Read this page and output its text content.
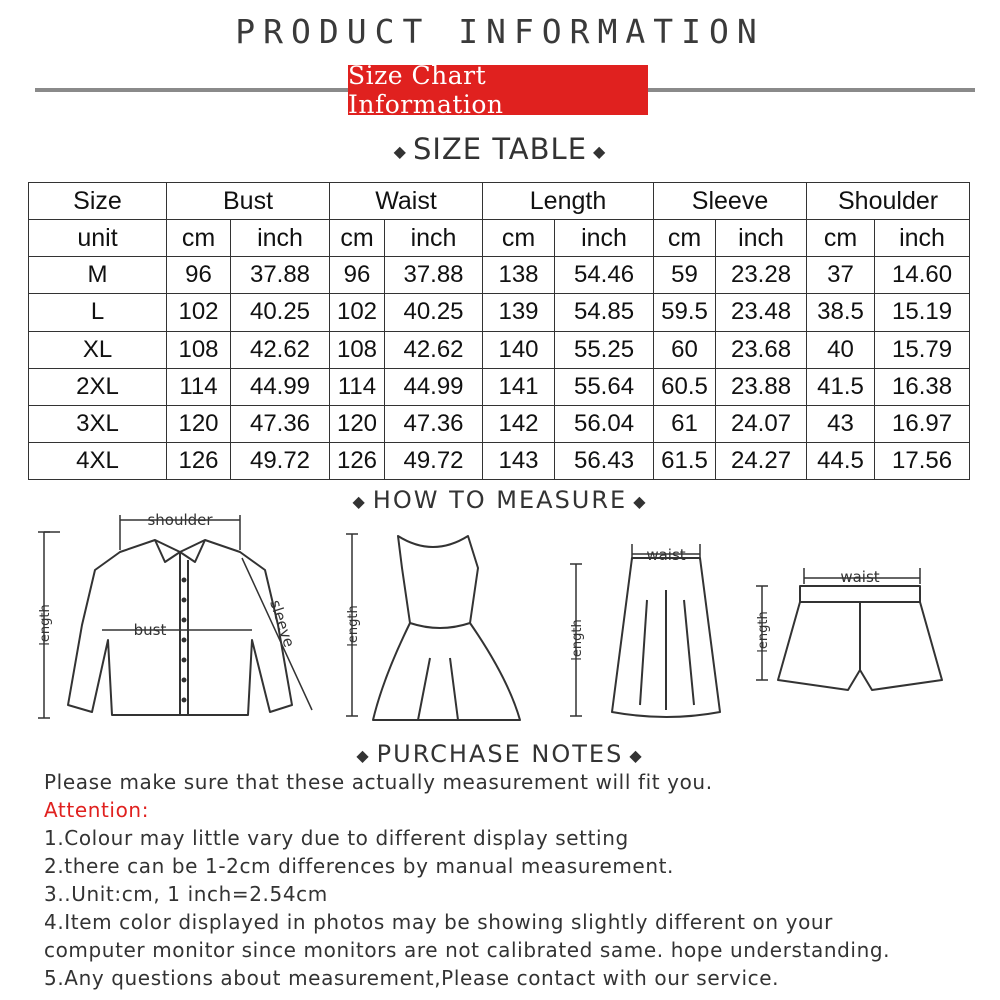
PRODUCT INFORMATION
Size Chart Information
◆ SIZE TABLE ◆
Size	Bust		Waist		Length		Sleeve		Shoulder	
unit	cm	inch	cm	inch	cm	inch	cm	inch	cm	inch
M	96	37.88	96	37.88	138	54.46	59	23.28	37	14.60
L	102	40.25	102	40.25	139	54.85	59.5	23.48	38.5	15.19
XL	108	42.62	108	42.62	140	55.25	60	23.68	40	15.79
2XL	114	44.99	114	44.99	141	55.64	60.5	23.88	41.5	16.38
3XL	120	47.36	120	47.36	142	56.04	61	24.07	43	16.97
4XL	126	49.72	126	49.72	143	56.43	61.5	24.27	44.5	17.56
◆ HOW TO MEASURE ◆
shoulder
bust	sleeve
length	length
waist
length
waist
length
◆ PURCHASE NOTES ◆
Please make sure that these actually measurement will fit you.
Attention:
1.Colour may little vary due to different display setting
2.there can be 1-2cm differences by manual measurement.
3..Unit:cm, 1 inch=2.54cm
4.Item color displayed in photos may be showing slightly different on your
computer monitor since monitors are not calibrated same. hope understanding.
5.Any questions about measurement,Please contact with our service.
